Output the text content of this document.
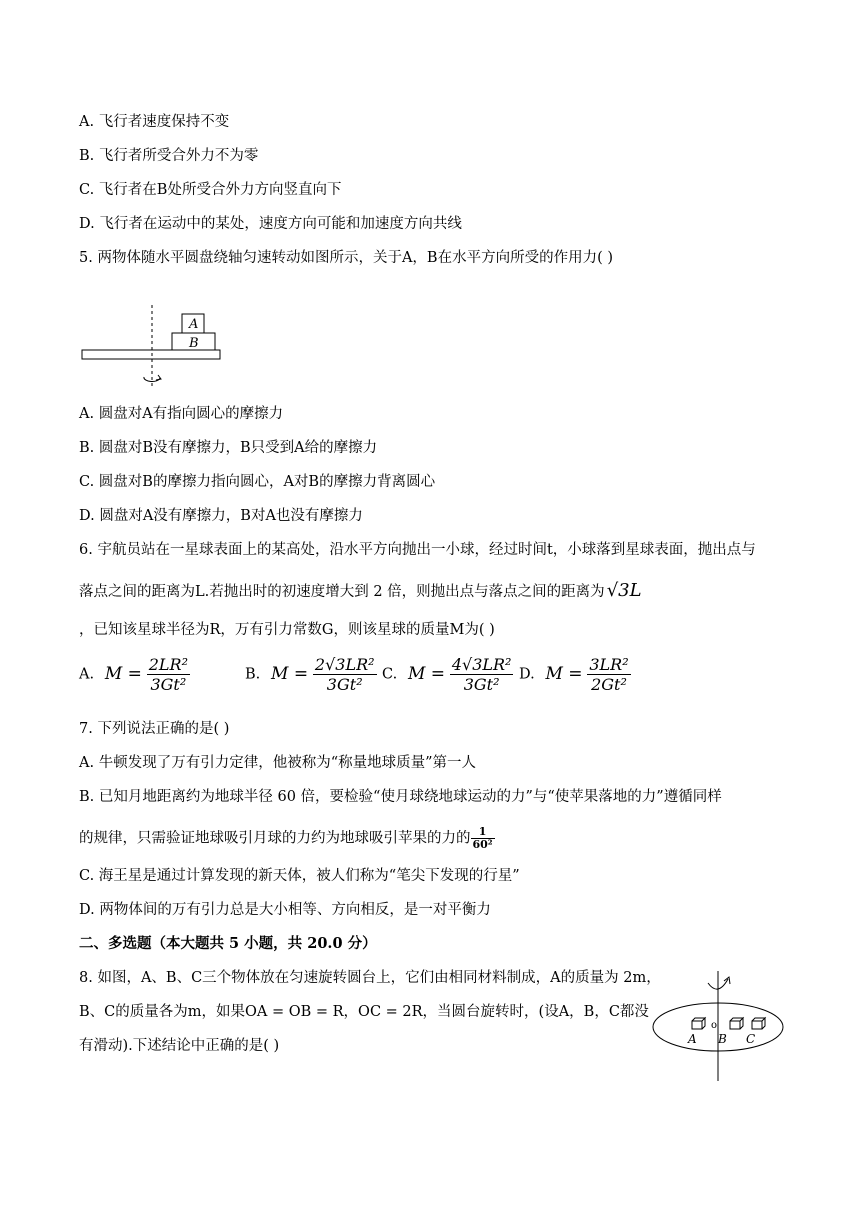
A. 飞行者速度保持不变
B. 飞行者所受合外力不为零
C. 飞行者在B处所受合外力方向竖直向下
D. 飞行者在运动中的某处，速度方向可能和加速度方向共线
5. 两物体随水平圆盘绕轴匀速转动如图所示，关于A，B在水平方向所受的作用力( )
A
B
A. 圆盘对A有指向圆心的摩擦力
B. 圆盘对B没有摩擦力，B只受到A给的摩擦力
C. 圆盘对B的摩擦力指向圆心，A对B的摩擦力背离圆心
D. 圆盘对A没有摩擦力，B对A也没有摩擦力
6. 宇航员站在一星球表面上的某高处，沿水平方向抛出一小球，经过时间t，小球落到星球表面，抛出点与
落点之间的距离为L.若抛出时的初速度增大到 2 倍，则抛出点与落点之间的距离为 √3L
，已知该星球半径为R，万有引力常数G，则该星球的质量M为( )
A. $M = \frac{\text{2LR²}}{\text{3Gt²}}$	B. $M = \frac{\text{2√3LR²}}{\text{3Gt²}} C$. $M = \frac{\text{4√3LR²}}{\text{3Gt²}} D$. $M = \frac{\text{3LR²}}{\text{2Gt²}}$
7. 下列说法正确的是( )
A. 牛顿发现了万有引力定律，他被称为“称量地球质量”第一人
B. 已知月地距离约为地球半径 60 倍，要检验“使月球绕地球运动的力”与“使苹果落地的力”遵循同样
的规律，只需验证地球吸引月球的力约为地球吸引苹果的力的 $\frac{1}{\text{60²}}$
C. 海王星是通过计算发现的新天体，被人们称为“笔尖下发现的行星”
D. 两物体间的万有引力总是大小相等、方向相反，是一对平衡力
二、多选题（本大题共 5 小题，共 20.0 分）
8. 如图，A、B、C三个物体放在匀速旋转圆台上，它们由相同材料制成，A的质量为 2m，
B、C的质量各为m，如果OA = OB = R，OC = 2R，当圆台旋转时，(设A，B，C都没
有滑动).下述结论中正确的是( )	A
o
B C
